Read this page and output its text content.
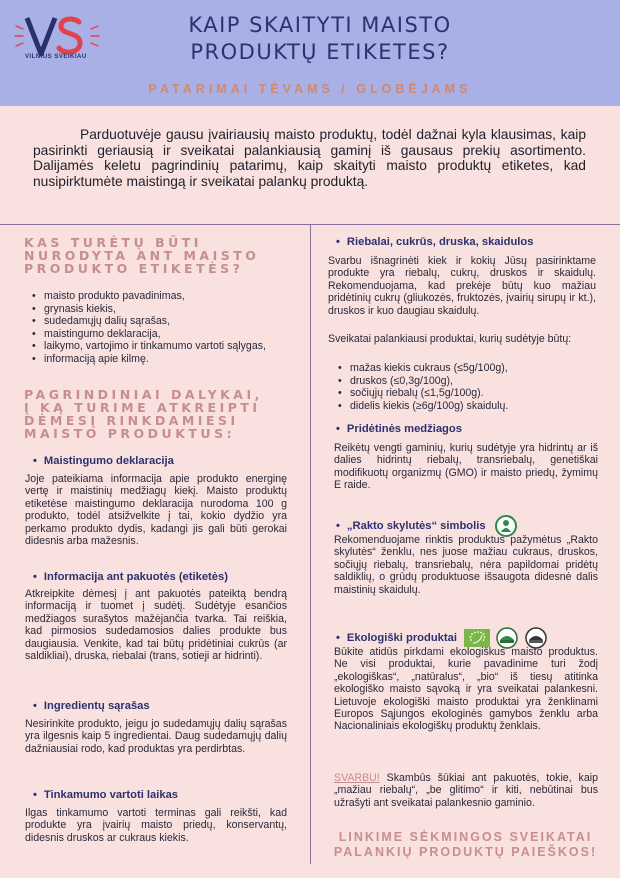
VILNIUS SVEIKIAU
KAIP SKAITYTI MAISTO
PRODUKTŲ ETIKETES?
PATARIMAI TĖVAMS / GLOBĖJAMS
Parduotuvėje gausu įvairiausių maisto produktų, todėl dažnai kyla klausimas, kaip pasirinkti geriausią ir sveikatai palankiausią gaminį iš gausaus prekių asortimento. Dalijamės keletu pagrindinių patarimų, kaip skaityti maisto produktų etiketes, kad nusipirktumėte maistingą ir sveikatai palankų produktą.
KAS TURĖTŲ BŪTI
NURODYTA ANT MAISTO
PRODUKTO ETIKETĖS?
• maisto produkto pavadinimas,
• grynasis kiekis,
• sudedamųjų dalių sąrašas,
• maistingumo deklaracija,
• laikymo, vartojimo ir tinkamumo vartoti sąlygas,
• informaciją apie kilmę.
PAGRINDINIAI DALYKAI,
Į KĄ TURIME ATKREIPTI
DĖMESĮ RINKDAMIESI
MAISTO PRODUKTUS:
• Maistingumo deklaracija
Joje pateikiama informacija apie produkto energinę vertę ir maistinių medžiagų kiekį. Maisto produktų etiketėse maistingumo deklaracija nurodoma 100 g produkto, todėl atsižvelkite į tai, kokio dydžio yra perkamo produkto dydis, kadangi jis gali būti gerokai didesnis arba mažesnis.
• Informacija ant pakuotės (etiketės)
Atkreipkite dėmesį į ant pakuotės pateiktą bendrą informaciją ir tuomet į sudėtį. Sudėtyje esančios medžiagos surašytos mažėjančia tvarka. Tai reiškia, kad pirmosios sudedamosios dalies produkte bus daugiausia. Venkite, kad tai būtų pridėtiniai cukrūs (ar saldikliai), druska, riebalai (trans, sotieji ar hidrinti).
• Ingredientų sąrašas
Nesirinkite produkto, jeigu jo sudedamųjų dalių sąrašas yra ilgesnis kaip 5 ingredientai. Daug sudedamųjų dalių dažniausiai rodo, kad produktas yra perdirbtas.
• Tinkamumo vartoti laikas
Ilgas tinkamumo vartoti terminas gali reikšti, kad produkte yra įvairių maisto priedų, konservantų, didesnis druskos ar cukraus kiekis.
• Riebalai, cukrūs, druska, skaidulos
Svarbu išnagrinėti kiek ir kokių Jūsų pasirinktame produkte yra riebalų, cukrų, druskos ir skaidulų. Rekomenduojama, kad prekėje būtų kuo mažiau pridėtinių cukrų (gliukozės, fruktozės, įvairių sirupų ir kt.), druskos ir kuo daugiau skaidulų.
Sveikatai palankiausi produktai, kurių sudėtyje būtų:
• mažas kiekis cukraus (≤5g/100g),
• druskos (≤0,3g/100g),
• sočiųjų riebalų (≤1,5g/100g).
• didelis kiekis (≥6g/100g) skaidulų.
• Pridėtinės medžiagos
Reikėtų vengti gaminių, kurių sudėtyje yra hidrintų ar iš dalies hidrintų riebalų, transriebalų, genetiškai modifikuotų organizmų (GMO) ir maisto priedų, žymimų E raide.
• „Rakto skylutės“ simbolis
Rekomenduojame rinktis produktus pažymėtus „Rakto skylutės“ ženklu, nes juose mažiau cukraus, druskos, sočiųjų riebalų, transriebalų, nėra papildomai pridėtų saldiklių, o grūdų produktuose išsaugota didesnė dalis maistinių skaidulų.
• Ekologiški produktai
Būkite atidūs pirkdami ekologiškus maisto produktus. Ne visi produktai, kurie pavadinime turi žodį „ekologiškas“, „natūralus“, „bio“ iš tiesų atitinka ekologiško maisto sąvoką ir yra sveikatai palankesni. Lietuvoje ekologiški maisto produktai yra ženklinami Europos Sąjungos ekologinės gamybos ženklu arba Nacionaliniais ekologiškų produktų ženklais.
SVARBU! Skambūs šūkiai ant pakuotės, tokie, kaip „mažiau riebalų“, „be glitimo“ ir kiti, nebūtinai bus užrašyti ant sveikatai palankesnio gaminio.
LINKIME SĖKMINGOS SVEIKATAI
PALANKIŲ PRODUKTŲ PAIEŠKOS!
